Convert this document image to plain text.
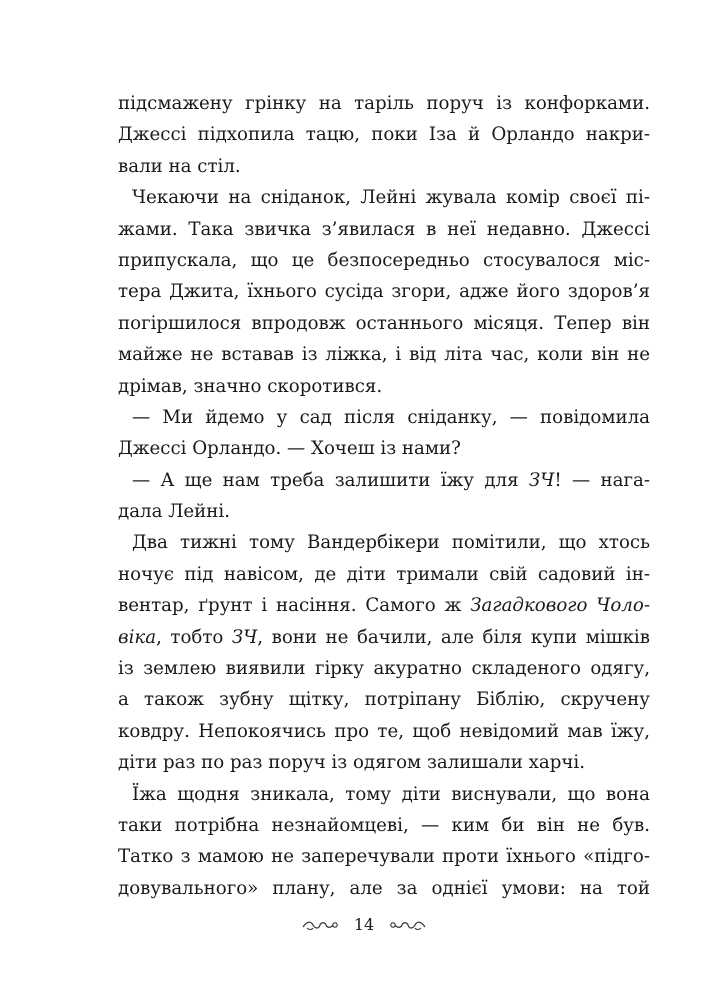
підсмажену грінку на таріль поруч із конфорками.
Джессі підхопила тацю, поки Іза й Орландо накри-
вали на стіл.
Чекаючи на сніданок, Лейні жувала комір своєї пі-
жами. Така звичка з’явилася в неї недавно. Джессі
припускала, що це безпосередньо стосувалося міс-
тера Джита, їхнього сусіда згори, адже його здоров’я
погіршилося впродовж останнього місяця. Тепер він
майже не вставав із ліжка, і від літа час, коли він не
дрімав, значно скоротився.
— Ми йдемо у сад після сніданку, — повідомила
Джессі Орландо. — Хочеш із нами?
— А ще нам треба залишити їжу для ЗЧ! — нага-
дала Лейні.
Два тижні тому Вандербікери помітили, що хтось
ночує під навісом, де діти тримали свій садовий ін-
вентар, ґрунт і насіння. Самого ж Загадкового Чоло-
віка, тобто ЗЧ, вони не бачили, але біля купи мішків
із землею виявили гірку акуратно складеного одягу,
а також зубну щітку, потріпану Біблію, скручену
ковдру. Непокоячись про те, щоб невідомий мав їжу,
діти раз по раз поруч із одягом залишали харчі.
Їжа щодня зникала, тому діти виснували, що вона
таки потрібна незнайомцеві, — ким би він не був.
Татко з мамою не заперечували проти їхнього «підго-
довувального» плану, але за однієї умови: на той
14
